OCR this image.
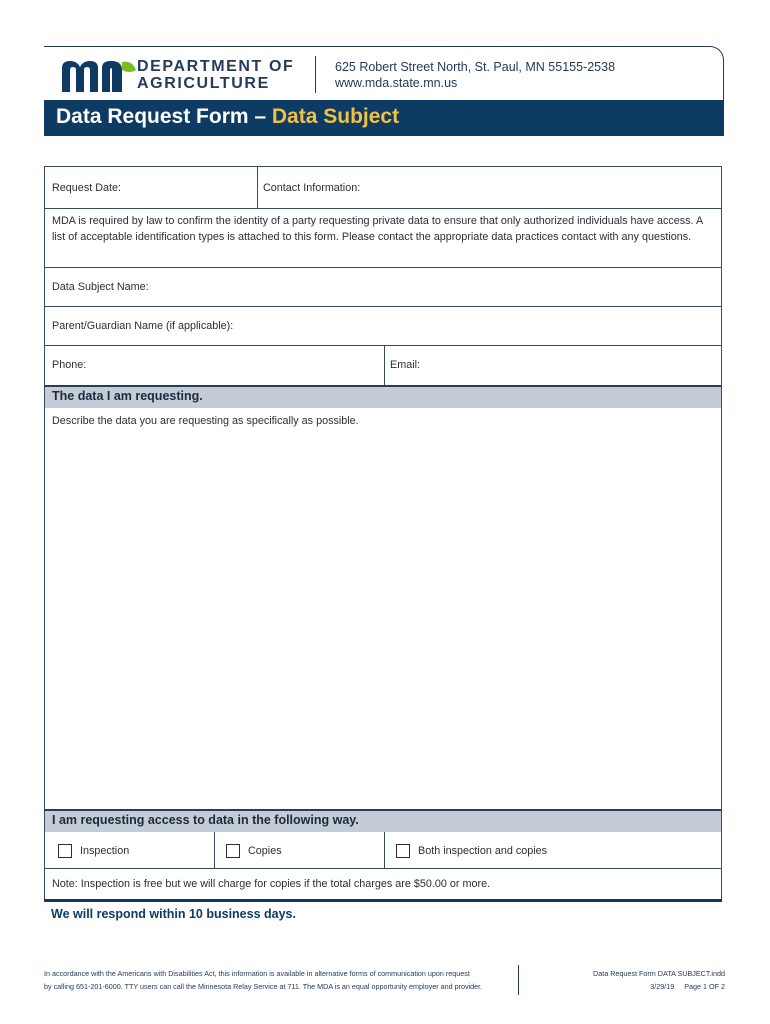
DEPARTMENT OF
AGRICULTURE
625 Robert Street North, St. Paul, MN 55155-2538
www.mda.state.mn.us
Data Request Form – Data Subject
Request Date:	Contact Information:
MDA is required by law to confirm the identity of a party requesting private data to ensure that only authorized individuals have access. A list of acceptable identification types is attached to this form. Please contact the appropriate data practices contact with any questions.
Data Subject Name:
Parent/Guardian Name (if applicable):
Phone:	Email:
The data I am requesting.
Describe the data you are requesting as specifically as possible.
I am requesting access to data in the following way.
Inspection	Copies	Both inspection and copies
Note: Inspection is free but we will charge for copies if the total charges are $50.00 or more.
We will respond within 10 business days.
In accordance with the Americans with Disabilities Act, this information is available in alternative forms of communication upon request
by calling 651-201-6000. TTY users can call the Minnesota Relay Service at 711. The MDA is an equal opportunity employer and provider.
Data Request Form DATA SUBJECT.indd
3/29/19     Page 1 OF 2
